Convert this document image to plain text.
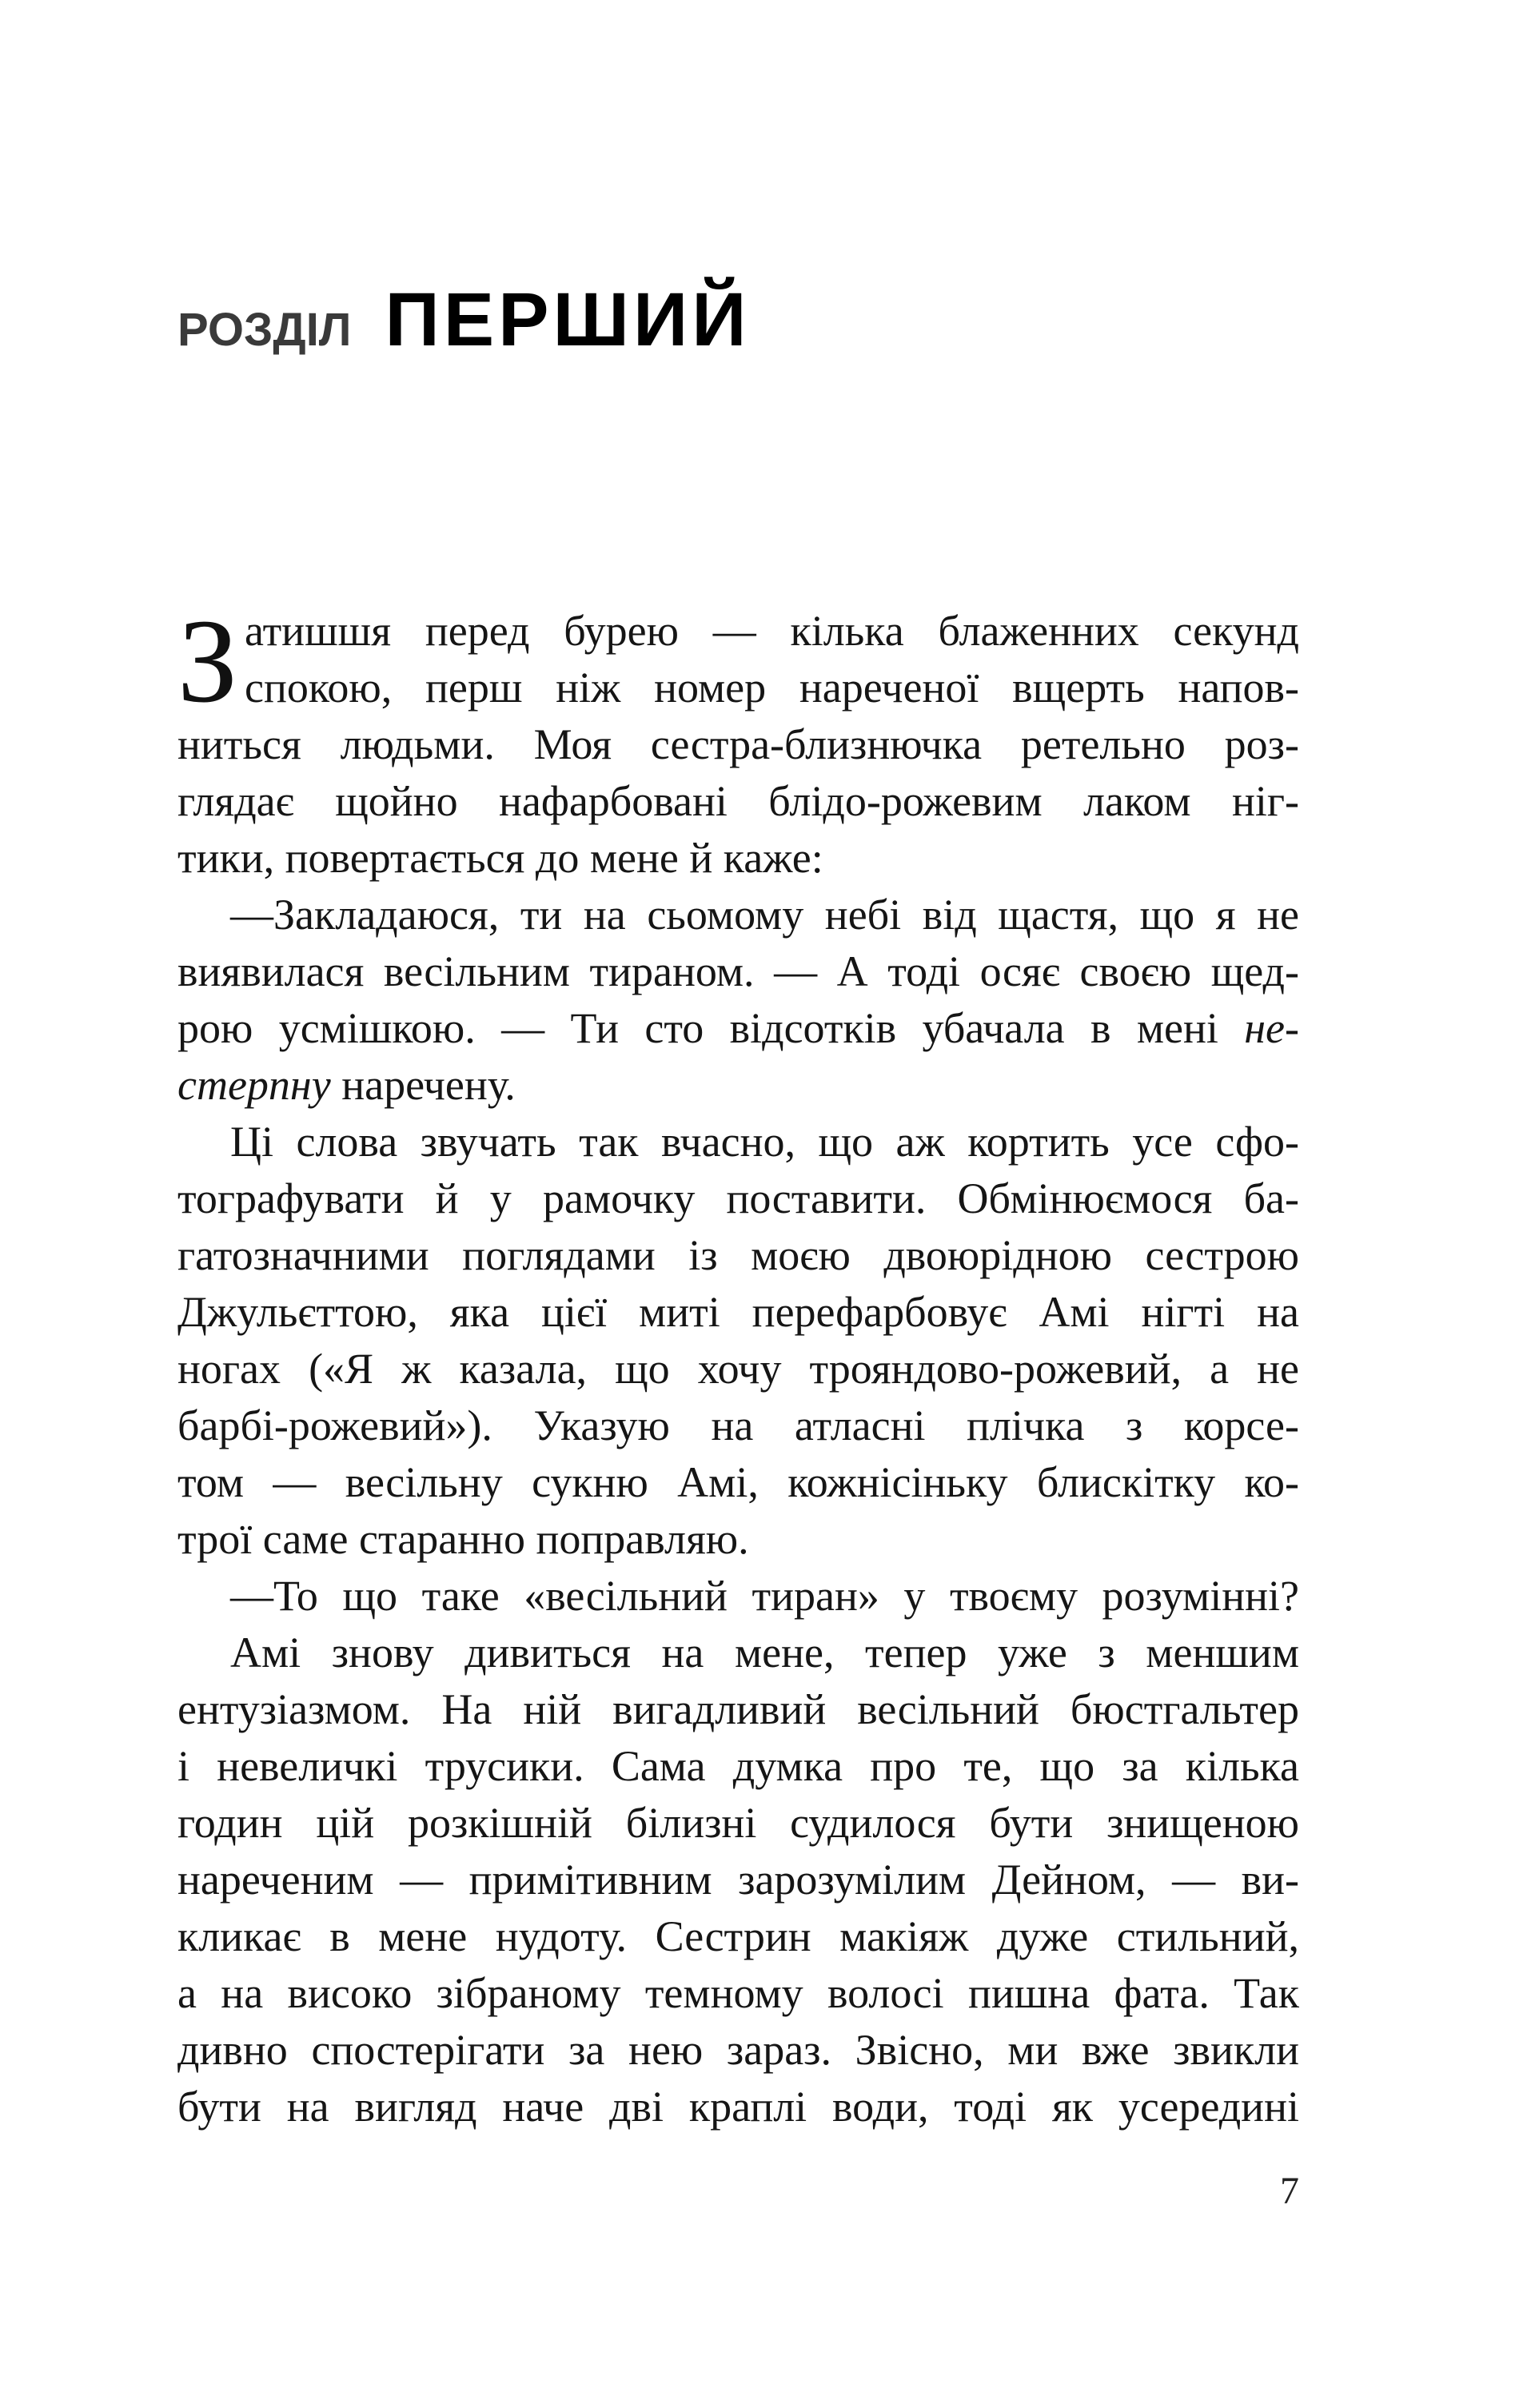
РОЗДІЛ ПЕРШИЙ
З атишшя перед бурею — кілька блаженних секунд
спокою, перш ніж номер нареченої вщерть напов-
ниться людьми. Моя сестра-близнючка ретельно роз-
глядає щойно нафарбовані блідо-рожевим лаком ніг-
тики, повертається до мене й каже:
—Закладаюся, ти на сьомому небі від щастя, що я не
виявилася весільним тираном. — А тоді осяє своєю щед-
рою усмішкою. — Ти сто відсотків убачала в мені не-
стерпну наречену.
Ці слова звучать так вчасно, що аж кортить усе сфо-
тографувати й у рамочку поставити. Обмінюємося ба-
гатозначними поглядами із моєю двоюрідною сестрою
Джульєттою, яка цієї миті перефарбовує Амі нігті на
ногах («Я ж казала, що хочу трояндово-рожевий, а не
барбі-рожевий»). Указую на атласні плічка з корсе-
том — весільну сукню Амі, кожнісіньку блискітку ко-
трої саме старанно поправляю.
—То що таке «весільний тиран» у твоєму розумінні?
Амі знову дивиться на мене, тепер уже з меншим
ентузіазмом. На ній вигадливий весільний бюстгальтер
і невеличкі трусики. Сама думка про те, що за кілька
годин цій розкішній білизні судилося бути знищеною
нареченим — примітивним зарозумілим Дейном, — ви-
кликає в мене нудоту. Сестрин макіяж дуже стильний,
а на високо зібраному темному волосі пишна фата. Так
дивно спостерігати за нею зараз. Звісно, ми вже звикли
бути на вигляд наче дві краплі води, тоді як усередині
7
